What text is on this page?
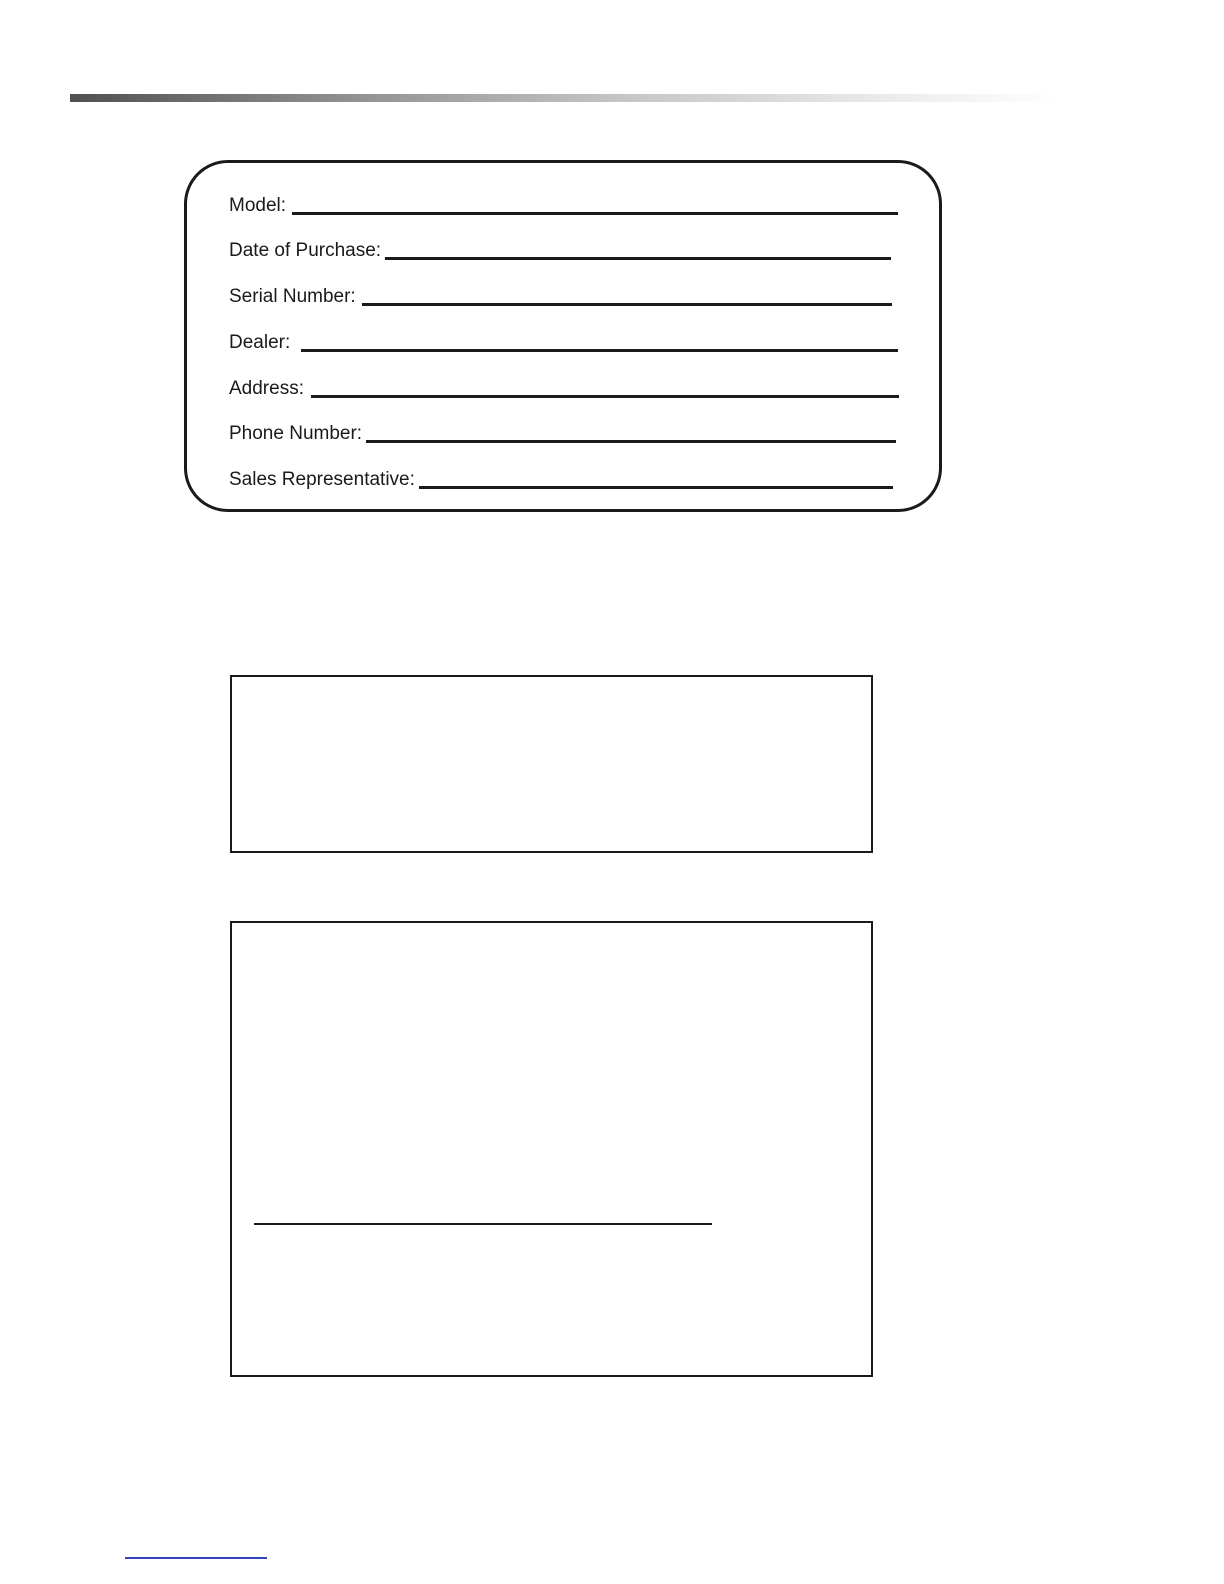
Model:
Date of Purchase:
Serial Number:
Dealer:
Address:
Phone Number:
Sales Representative:
